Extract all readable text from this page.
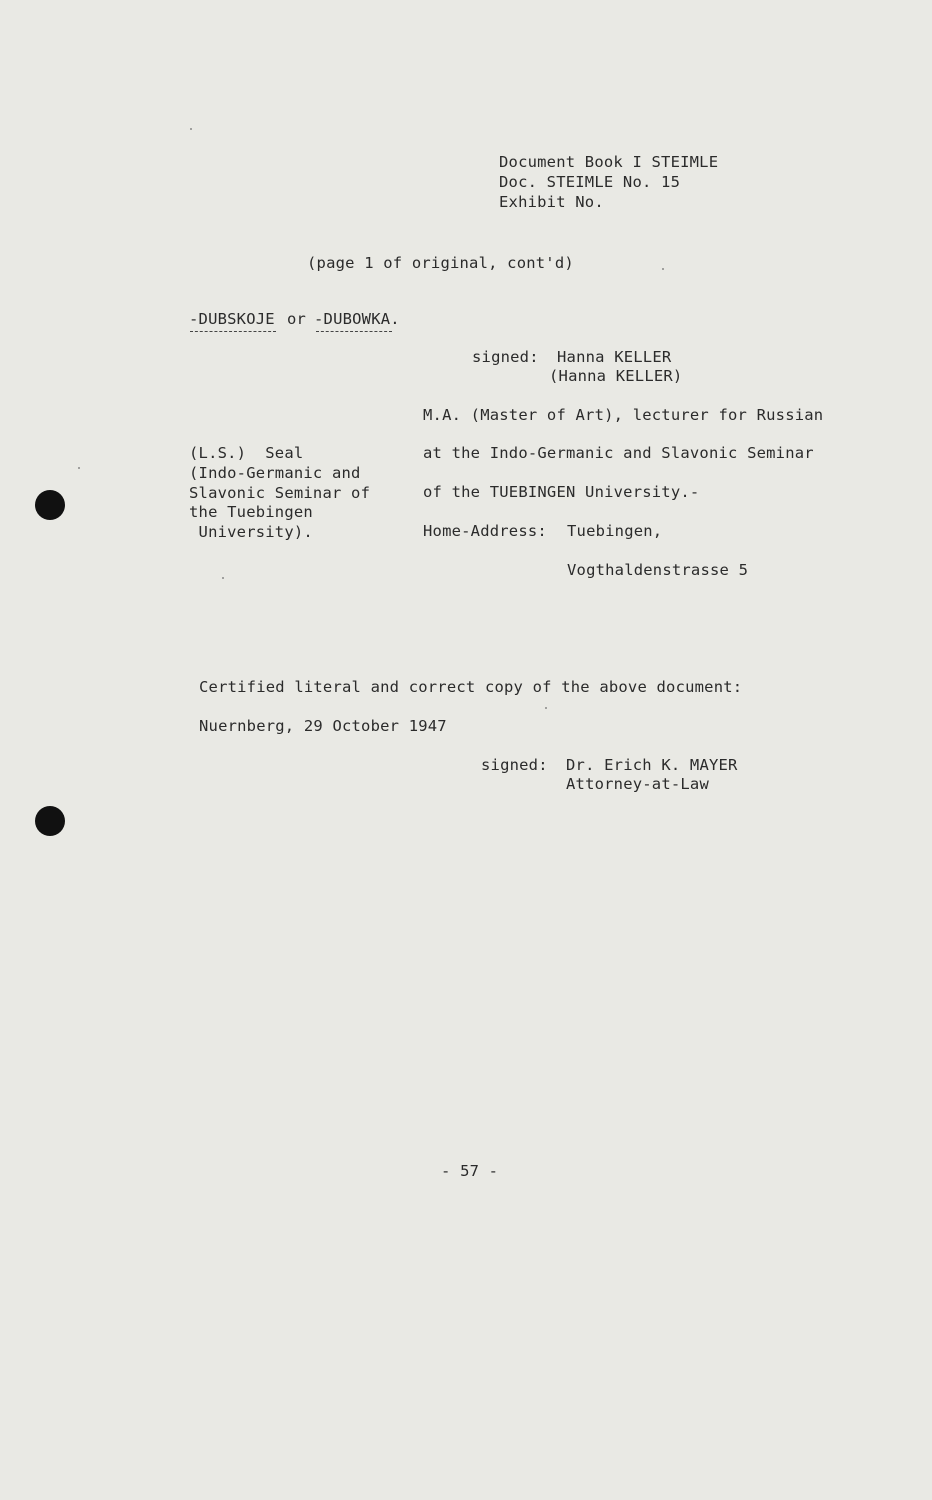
Document Book I STEIMLE
Doc. STEIMLE No. 15
Exhibit No.
(page 1 of original, cont'd)
-DUBSKOJE or -DUBOWKA.
signed: Hanna KELLER
(Hanna KELLER)
(L.S.)  Seal
(Indo-Germanic and
Slavonic Seminar of
the Tuebingen
University).
M.A. (Master of Art), lecturer for Russian
at the Indo-Germanic and Slavonic Seminar
of the TUEBINGEN University.-
Home-Address: Tuebingen,
Vogthaldenstrasse 5
Certified literal and correct copy of the above document:
Nuernberg, 29 October 1947
signed: Dr. Erich K. MAYER
Attorney-at-Law
- 57 -
